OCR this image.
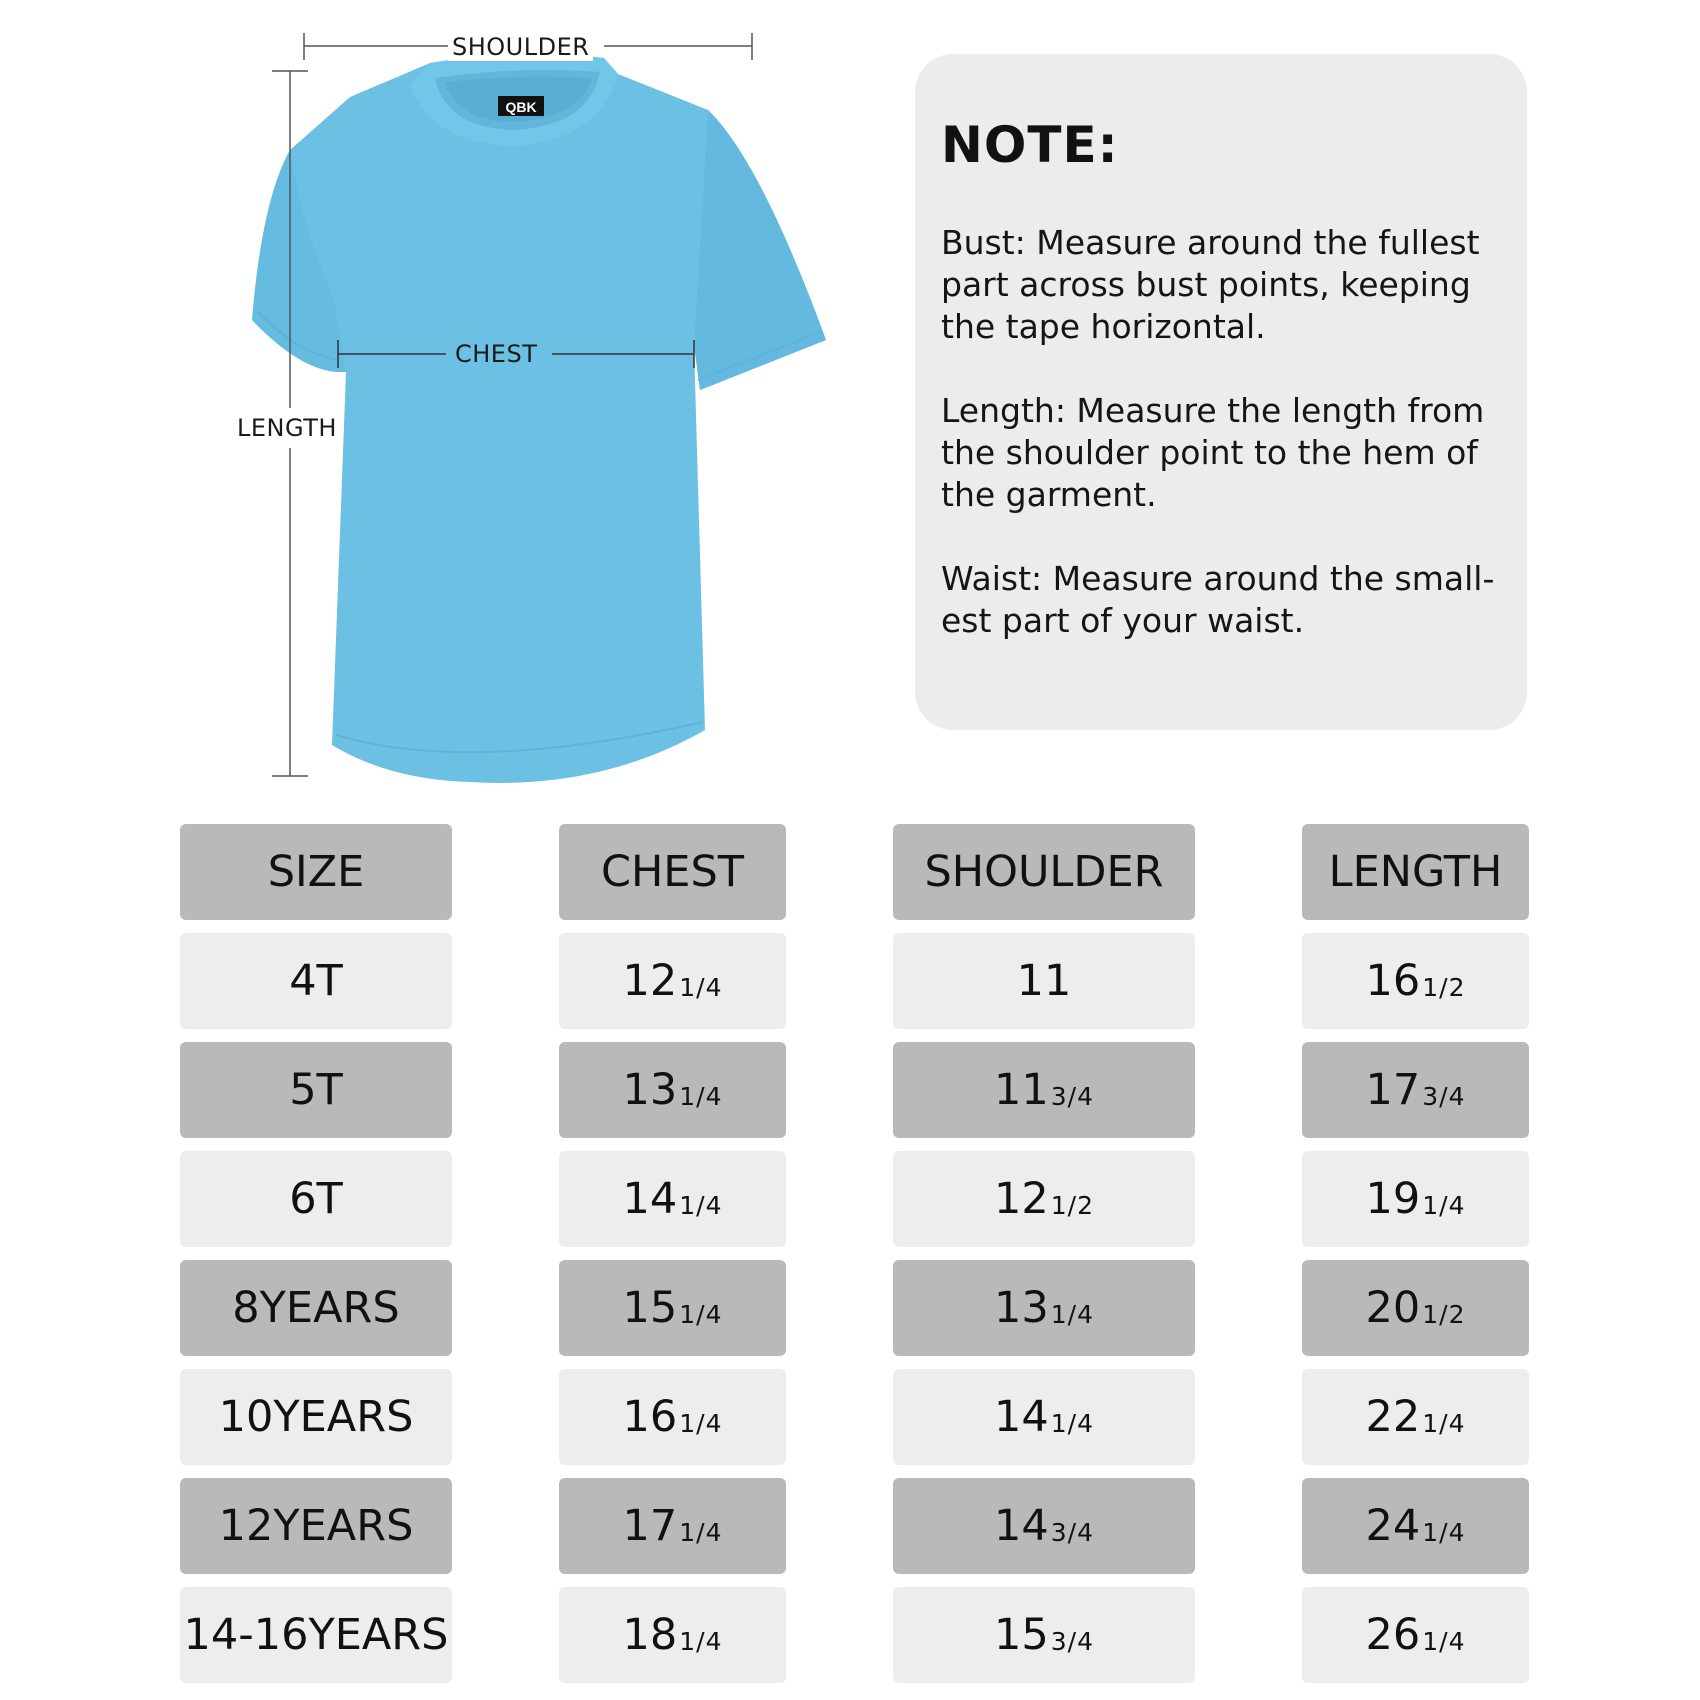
QBK
SHOULDER
CHEST
LENGTH
NOTE:

Bust: Measure around the fullest part across bust points, keeping the tape horizontal.

Length: Measure the length from the shoulder point to the hem of the garment.

Waist: Measure around the small-est part of your waist.

SIZE	CHEST	SHOULDER	LENGTH
4T	12 1/4	11	16 1/2
5T	13 1/4	11 3/4	17 3/4
6T	14 1/4	12 1/2	19 1/4
8YEARS	15 1/4	13 1/4	20 1/2
10YEARS	16 1/4	14 1/4	22 1/4
12YEARS	17 1/4	14 3/4	24 1/4
14-16YEARS	18 1/4	15 3/4	26 1/4
